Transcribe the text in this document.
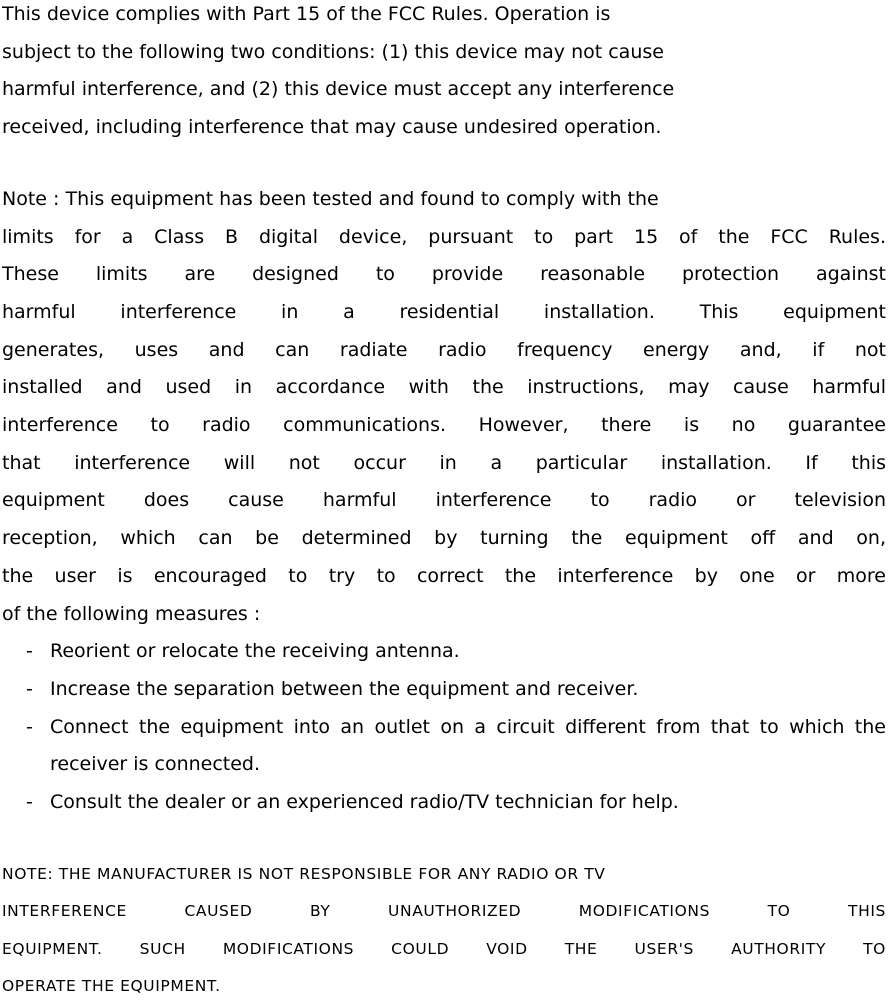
This device complies with Part 15 of the FCC Rules. Operation is
subject to the following two conditions: (1) this device may not cause
harmful interference, and (2) this device must accept any interference
received, including interference that may cause undesired operation.

Note : This equipment has been tested and found to comply with the
limits for a Class B digital device, pursuant to part 15 of the FCC Rules.
These limits are designed to provide reasonable protection against
harmful interference in a residential installation. This equipment
generates, uses and can radiate radio frequency energy and, if not
installed and used in accordance with the instructions, may cause harmful
interference to radio communications. However, there is no guarantee
that interference will not occur in a particular installation. If this
equipment does cause harmful interference to radio or television
reception, which can be determined by turning the equipment off and on,
the user is encouraged to try to correct the interference by one or more
of the following measures :
- Reorient or relocate the receiving antenna.
- Increase the separation between the equipment and receiver.
- Connect the equipment into an outlet on a circuit different from that to which the receiver is connected.
- Consult the dealer or an experienced radio/TV technician for help.
NOTE: THE MANUFACTURER IS NOT RESPONSIBLE FOR ANY RADIO OR TV
INTERFERENCE CAUSED BY UNAUTHORIZED MODIFICATIONS TO THIS
EQUIPMENT. SUCH MODIFICATIONS COULD VOID THE USER'S AUTHORITY TO
OPERATE THE EQUIPMENT.
